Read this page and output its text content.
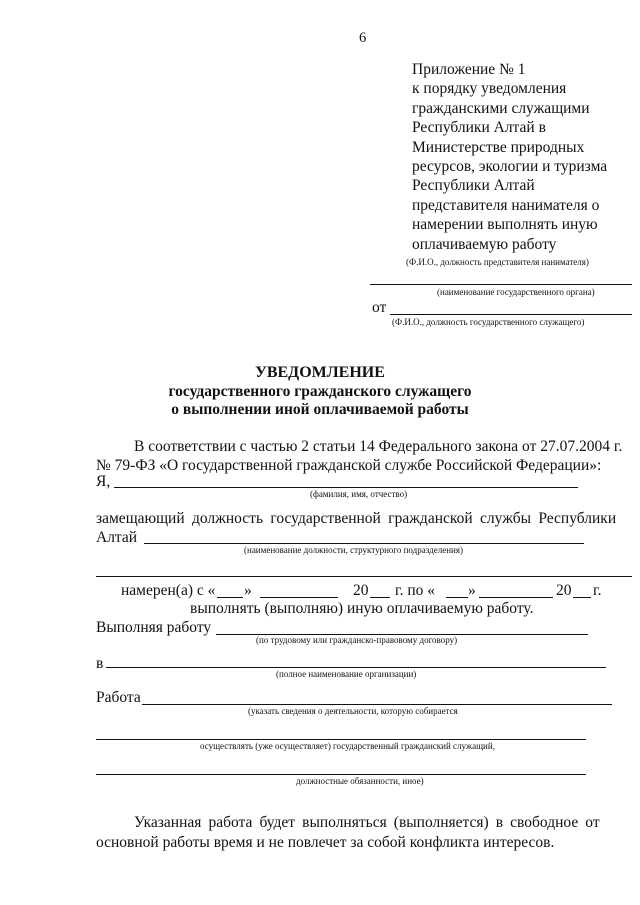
6
Приложение № 1
к порядку уведомления
гражданскими служащими
Республики Алтай в
Министерстве природных
ресурсов, экологии и туризма
Республики Алтай
представителя нанимателя о
намерении выполнять иную
оплачиваемую работу
(Ф.И.О., должность представителя нанимателя)
(наименование государственного органа)
от
(Ф.И.О., должность государственного служащего)
УВЕДОМЛЕНИЕ
государственного гражданского служащего
о выполнении иной оплачиваемой работы
В соответствии с частью 2 статьи 14 Федерального закона от 27.07.2004 г.
№ 79-ФЗ «О государственной гражданской службе Российской Федерации»:
Я,
(фамилия, имя, отчество)
замещающий должность государственной гражданской службы Республики
Алтай
(наименование должности, структурного подразделения)
намерен(а) с « »	20 г. по « »	20 г.
выполнять (выполняю) иную оплачиваемую работу.
Выполняя работу
(по трудовому или гражданско-правовому договору)
в
(полное наименование организации)
Работа
(указать сведения о деятельности, которую собирается
осуществлять (уже осуществляет) государственный гражданский служащий,
должностные обязанности, иное)
Указанная работа будет выполняться (выполняется) в свободное от
основной работы время и не повлечет за собой конфликта интересов.
